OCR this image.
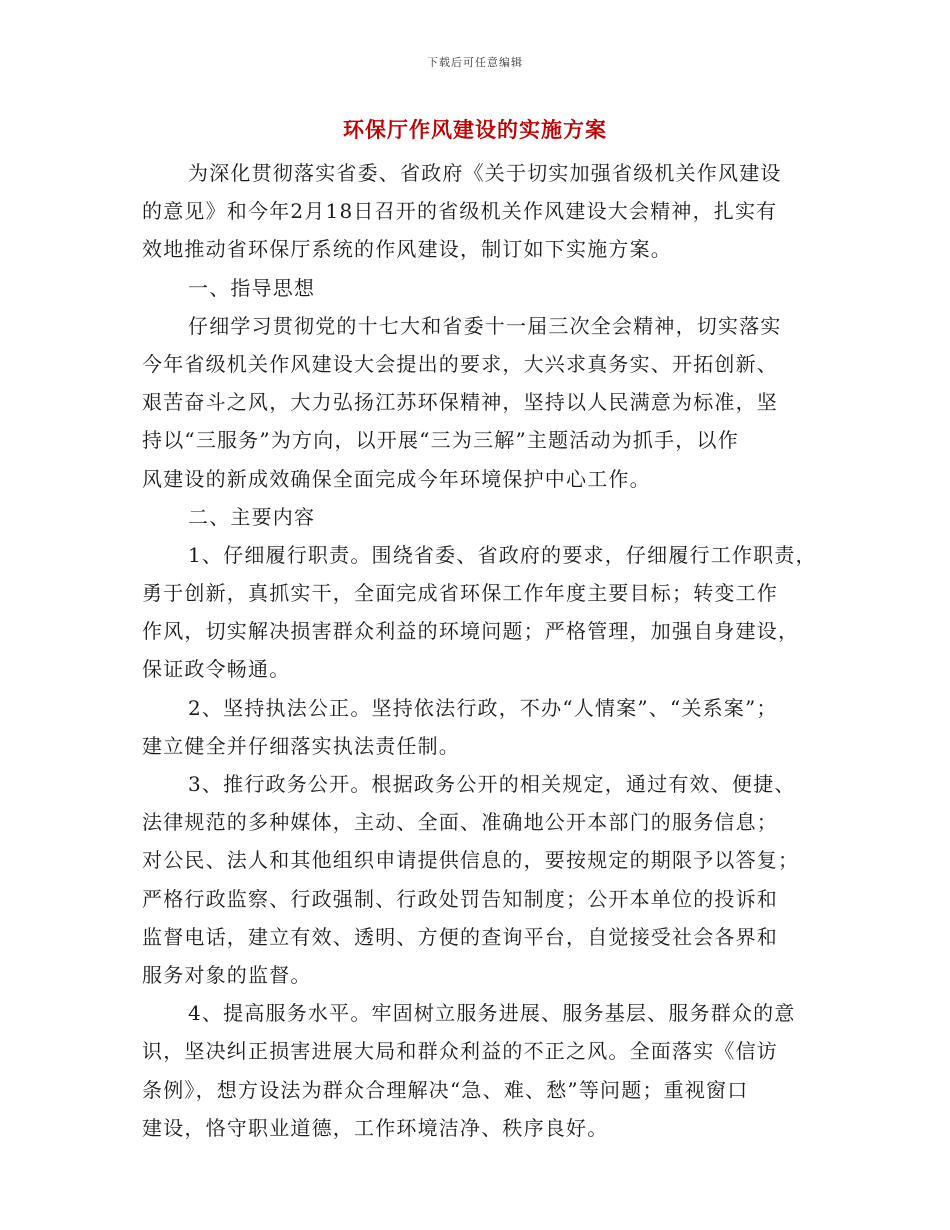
下载后可任意编辑
环保厅作风建设的实施方案
为深化贯彻落实省委、省政府《关于切实加强省级机关作风建设
的意见》和今年2月18日召开的省级机关作风建设大会精神，扎实有
效地推动省环保厅系统的作风建设，制订如下实施方案。
一、指导思想
仔细学习贯彻党的十七大和省委十一届三次全会精神，切实落实
今年省级机关作风建设大会提出的要求，大兴求真务实、开拓创新、
艰苦奋斗之风，大力弘扬江苏环保精神，坚持以人民满意为标准，坚
持以“三服务”为方向，以开展“三为三解”主题活动为抓手，以作
风建设的新成效确保全面完成今年环境保护中心工作。
二、主要内容
1、仔细履行职责。围绕省委、省政府的要求，仔细履行工作职责，
勇于创新，真抓实干，全面完成省环保工作年度主要目标；转变工作
作风，切实解决损害群众利益的环境问题；严格管理，加强自身建设，
保证政令畅通。
2、坚持执法公正。坚持依法行政，不办“人情案”、“关系案”；
建立健全并仔细落实执法责任制。
3、推行政务公开。根据政务公开的相关规定，通过有效、便捷、
法律规范的多种媒体，主动、全面、准确地公开本部门的服务信息；
对公民、法人和其他组织申请提供信息的，要按规定的期限予以答复；
严格行政监察、行政强制、行政处罚告知制度；公开本单位的投诉和
监督电话，建立有效、透明、方便的查询平台，自觉接受社会各界和
服务对象的监督。
4、提高服务水平。牢固树立服务进展、服务基层、服务群众的意
识，坚决纠正损害进展大局和群众利益的不正之风。全面落实《信访
条例》，想方设法为群众合理解决“急、难、愁”等问题；重视窗口
建设，恪守职业道德，工作环境洁净、秩序良好。
